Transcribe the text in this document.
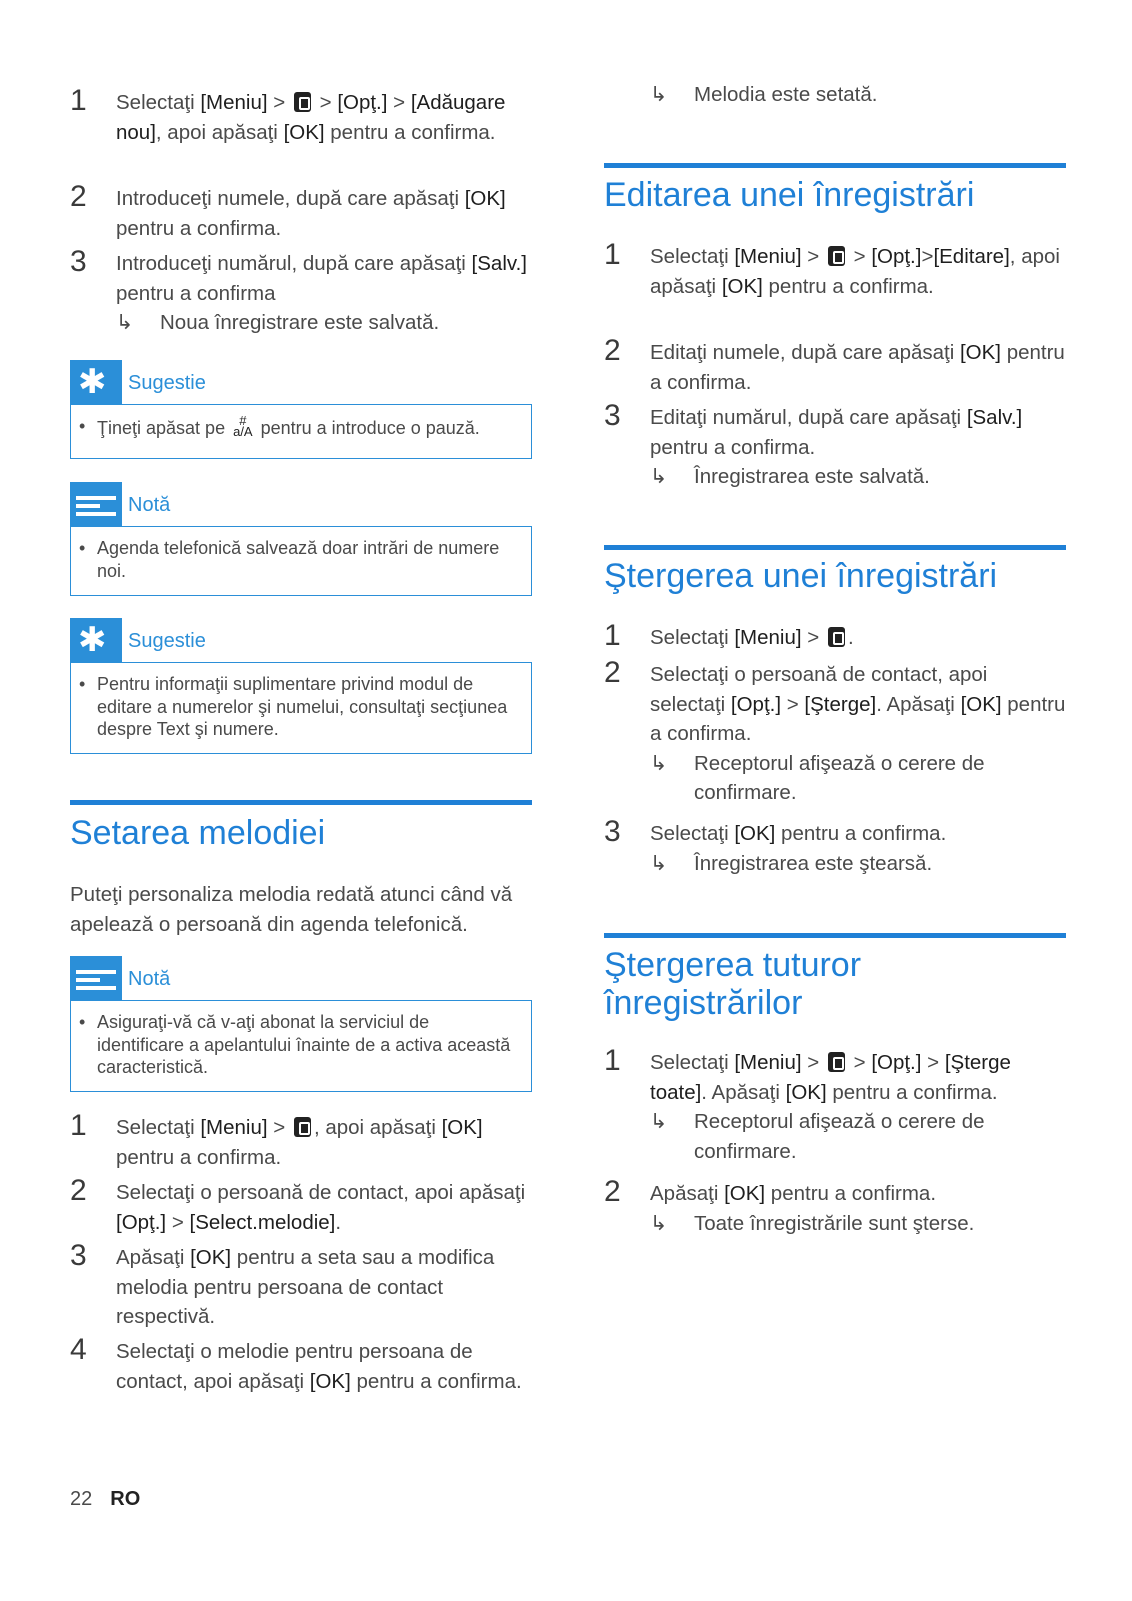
1 Selectaţi [Meniu] >  > [Opţ.] > [Adăugare nou], apoi apăsaţi [OK] pentru a confirma.
2 Introduceţi numele, după care apăsaţi [OK] pentru a confirma.
3 Introduceţi numărul, după care apăsaţi [Salv.] pentru a confirma
↳ Noua înregistrare este salvată.
✱
Sugestie
• Ţineţi apăsat pe #
a/A pentru a introduce o pauză.
Notă
• Agenda telefonică salvează doar intrări de numere noi.
✱
Sugestie
• Pentru informaţii suplimentare privind modul de editare a numerelor şi numelui, consultaţi secţiunea despre Text şi numere.
Setarea melodiei
Puteţi personaliza melodia redată atunci când vă apelează o persoană din agenda telefonică.
Notă
• Asiguraţi-vă că v-aţi abonat la serviciul de identificare a apelantului înainte de a activa această caracteristică.
1 Selectaţi [Meniu] > , apoi apăsaţi [OK] pentru a confirma.
2 Selectaţi o persoană de contact, apoi apăsaţi [Opţ.] > [Select.melodie].
3 Apăsaţi [OK] pentru a seta sau a modifica melodia pentru persoana de contact respectivă.
4 Selectaţi o melodie pentru persoana de contact, apoi apăsaţi [OK] pentru a confirma.
↳ Melodia este setată.
Editarea unei înregistrări
1 Selectaţi [Meniu] >  > [Opţ.]>[Editare], apoi apăsaţi [OK] pentru a confirma.
2 Editaţi numele, după care apăsaţi [OK] pentru a confirma.
3 Editaţi numărul, după care apăsaţi [Salv.] pentru a confirma.
↳ Înregistrarea este salvată.
Ştergerea unei înregistrări
1 Selectaţi [Meniu] > .
2 Selectaţi o persoană de contact, apoi selectaţi [Opţ.] > [Şterge]. Apăsaţi [OK] pentru a confirma.
↳ Receptorul afişează o cerere de confirmare.
3 Selectaţi [OK] pentru a confirma.
↳ Înregistrarea este ştearsă.
Ştergerea tuturor
înregistrărilor
1 Selectaţi [Meniu] >  > [Opţ.] > [Şterge toate]. Apăsaţi [OK] pentru a confirma.
↳ Receptorul afişează o cerere de confirmare.
2 Apăsaţi [OK] pentru a confirma.
↳ Toate înregistrările sunt şterse.
22 RO
